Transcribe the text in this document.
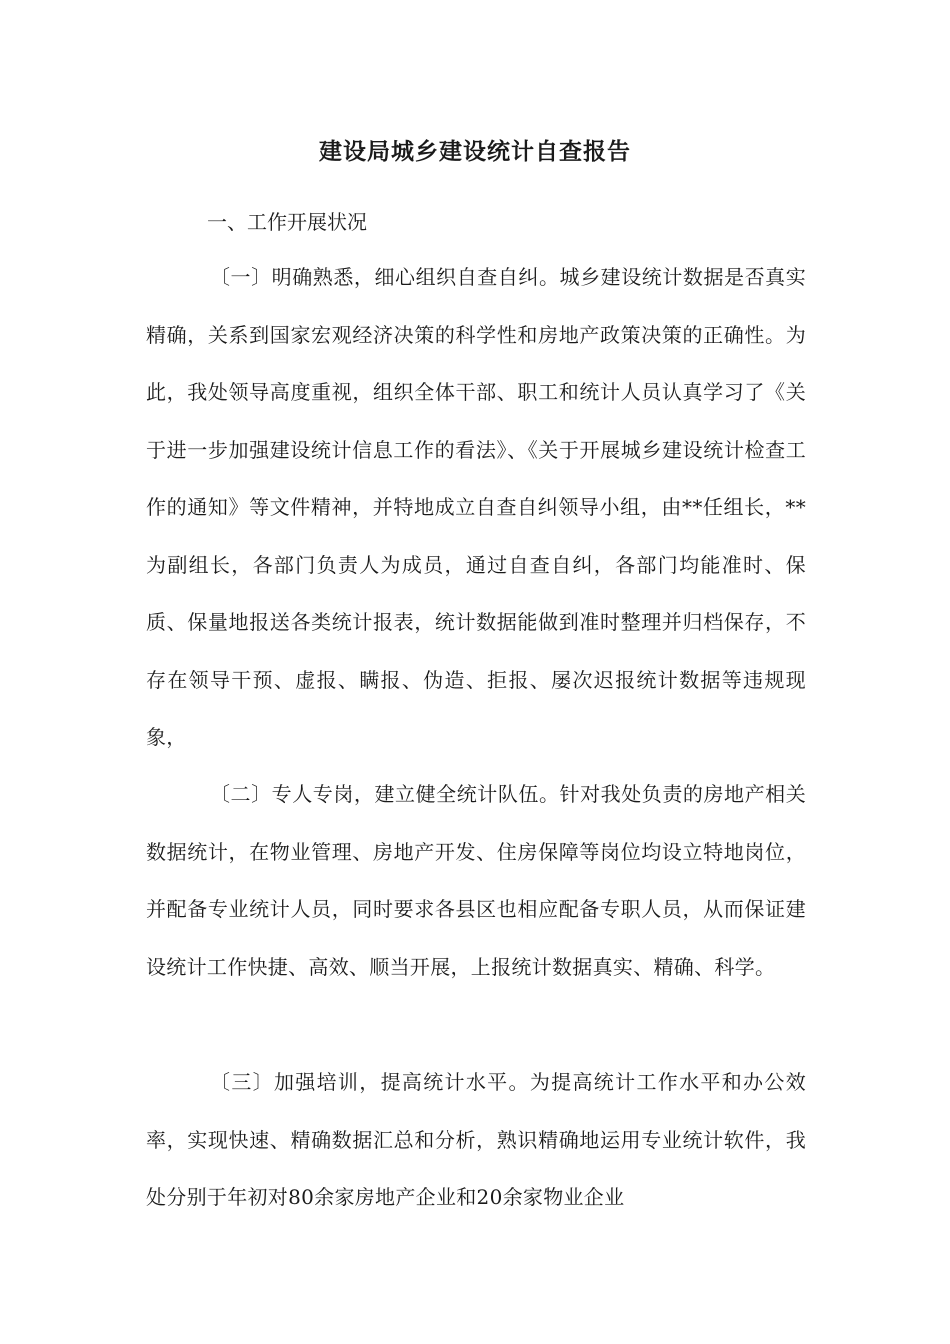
建设局城乡建设统计自查报告

一、工作开展状况

〔一〕明确熟悉，细心组织自查自纠。城乡建设统计数据是否真实精确，关系到国家宏观经济决策的科学性和房地产政策决策的正确性。为此，我处领导高度重视，组织全体干部、职工和统计人员认真学习了《关于进一步加强建设统计信息工作的看法》、《关于开展城乡建设统计检查工作的通知》等文件精神，并特地成立自查自纠领导小组，由**任组长，**为副组长，各部门负责人为成员，通过自查自纠，各部门均能准时、保质、保量地报送各类统计报表，统计数据能做到准时整理并归档保存，不存在领导干预、虚报、瞒报、伪造、拒报、屡次迟报统计数据等违规现象，

〔二〕专人专岗，建立健全统计队伍。针对我处负责的房地产相关数据统计，在物业管理、房地产开发、住房保障等岗位均设立特地岗位，并配备专业统计人员，同时要求各县区也相应配备专职人员，从而保证建设统计工作快捷、高效、顺当开展，上报统计数据真实、精确、科学。

〔三〕加强培训，提高统计水平。为提高统计工作水平和办公效率，实现快速、精确数据汇总和分析，熟识精确地运用专业统计软件，我处分别于年初对80余家房地产企业和20余家物业企业
